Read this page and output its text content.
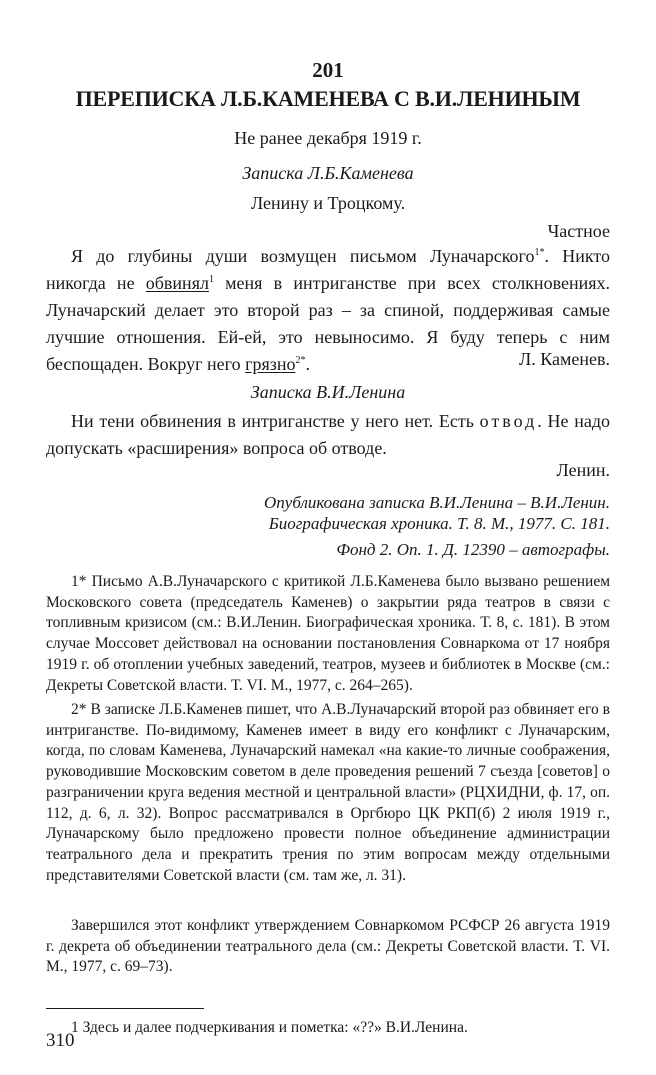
201
ПЕРЕПИСКА Л.Б.КАМЕНЕВА С В.И.ЛЕНИНЫМ
Не ранее декабря 1919 г.
Записка Л.Б.Каменева
Ленину и Троцкому.
Частное
Я до глубины души возмущен письмом Луначарского$^{1*}$. Никто никогда не обвинял$^1$ меня в интриганстве при всех столкновениях. Луначарский делает это второй раз – за спиной, поддерживая самые лучшие отношения. Ей-ей, это невыносимо. Я буду теперь с ним беспощаден. Вокруг него грязно$^{2*}$.	Л. Каменев.
Записка В.И.Ленина
Ни тени обвинения в интриганстве у него нет. Есть отвод. Не надо допускать «расширения» вопроса об отводе.
Ленин.
Опубликована записка В.И.Ленина – В.И.Ленин.
Биографическая хроника. Т. 8. М., 1977. С. 181.
Фонд 2. Оп. 1. Д. 12390 – автографы.
1* Письмо А.В.Луначарского с критикой Л.Б.Каменева было вызвано решением Московского совета (председатель Каменев) о закрытии ряда театров в связи с топливным кризисом (см.: В.И.Ленин. Биографическая хроника. Т. 8, с. 181). В этом случае Моссовет действовал на основании постановления Совнаркома от 17 ноября 1919 г. об отоплении учебных заведений, театров, музеев и библиотек в Москве (см.: Декреты Советской власти. Т. VI. М., 1977, с. 264–265).
2* В записке Л.Б.Каменев пишет, что А.В.Луначарский второй раз обвиняет его в интриганстве. По-видимому, Каменев имеет в виду его конфликт с Луначарским, когда, по словам Каменева, Луначарский намекал «на какие-то личные соображения, руководившие Московским советом в деле проведения решений 7 съезда [советов] о разграничении круга ведения местной и центральной власти» (РЦХИДНИ, ф. 17, оп. 112, д. 6, л. 32). Вопрос рассматривался в Оргбюро ЦК РКП(б) 2 июля 1919 г., Луначарскому было предложено провести полное объединение администрации театрального дела и прекратить трения по этим вопросам между отдельными представителями Советской власти (см. там же, л. 31).
Завершился этот конфликт утверждением Совнаркомом РСФСР 26 августа 1919 г. декрета об объединении театрального дела (см.: Декреты Советской власти. Т. VI. М., 1977, с. 69–73).
1 Здесь и далее подчеркивания и пометка: «??» В.И.Ленина.
310
